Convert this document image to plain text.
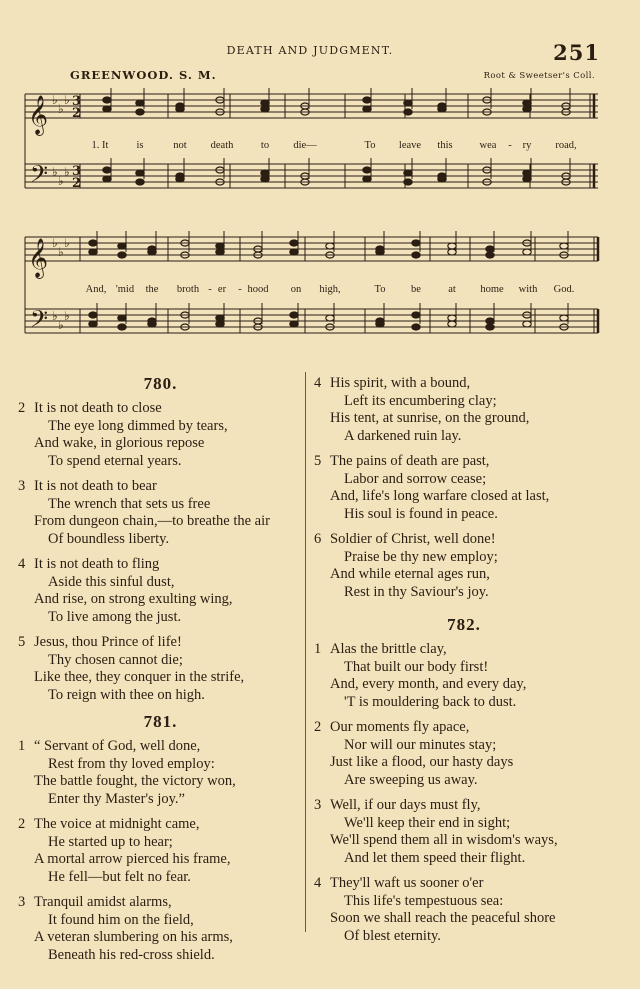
DEATH AND JUDGMENT.	251
GREENWOOD. S. M.	Root & Sweetser's Coll.
𝄞
𝄢
𝄞
𝄢
♭
♭
♭
♭
♭
♭
♭
♭
♭
♭
♭
♭
3
2
3
2
1. It	is	not death	to die—	To leave this	wea - ry road,
And, 'mid the broth - er - hood on high,	To be	at home with God.
780.
2 It is not death to close
The eye long dimmed by tears,
And wake, in glorious repose
To spend eternal years.
3 It is not death to bear
The wrench that sets us free
From dungeon chain,—to breathe the air
Of boundless liberty.
4 It is not death to fling
Aside this sinful dust,
And rise, on strong exulting wing,
To live among the just.
5 Jesus, thou Prince of life!
Thy chosen cannot die;
Like thee, they conquer in the strife,
To reign with thee on high.
781.
1 “ Servant of God, well done,
Rest from thy loved employ:
The battle fought, the victory won,
Enter thy Master's joy.”
2 The voice at midnight came,
He started up to hear;
A mortal arrow pierced his frame,
He fell—but felt no fear.
3 Tranquil amidst alarms,
It found him on the field,
A veteran slumbering on his arms,
Beneath his red-cross shield.
4 His spirit, with a bound,
Left its encumbering clay;
His tent, at sunrise, on the ground,
A darkened ruin lay.
5 The pains of death are past,
Labor and sorrow cease;
And, life's long warfare closed at last,
His soul is found in peace.
6 Soldier of Christ, well done!
Praise be thy new employ;
And while eternal ages run,
Rest in thy Saviour's joy.
782.
1 Alas the brittle clay,
That built our body first!
And, every month, and every day,
'T is mouldering back to dust.
2 Our moments fly apace,
Nor will our minutes stay;
Just like a flood, our hasty days
Are sweeping us away.
3 Well, if our days must fly,
We'll keep their end in sight;
We'll spend them all in wisdom's ways,
And let them speed their flight.
4 They'll waft us sooner o'er
This life's tempestuous sea:
Soon we shall reach the peaceful shore
Of blest eternity.
